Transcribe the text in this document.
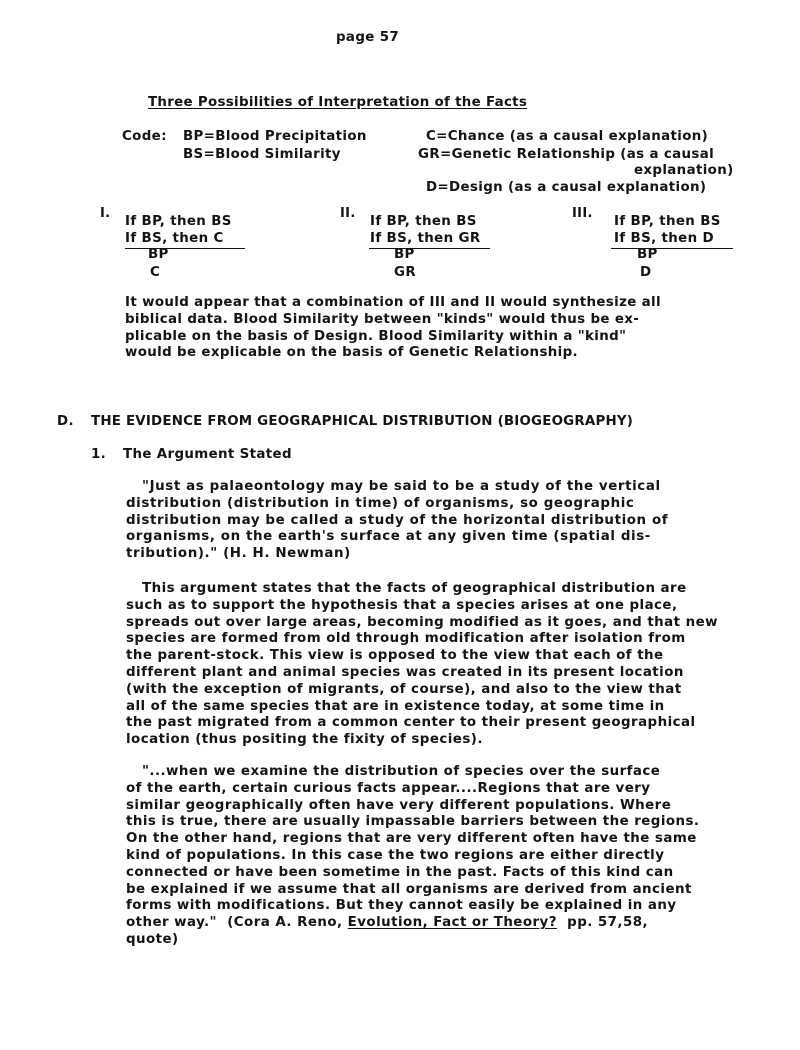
page 57
Three Possibilities of Interpretation of the Facts
Code: BP=Blood Precipitation
BS=Blood Similarity
C=Chance (as a causal explanation)
GR=Genetic Relationship (as a causal
explanation)
D=Design (as a causal explanation)
I.
If BP, then BS
If BS, then C
BP
C
II.
If BP, then BS
If BS, then GR
BP
GR
III.
If BP, then BS
If BS, then D
BP
D
It would appear that a combination of III and II would synthesize all
biblical data. Blood Similarity between "kinds" would thus be ex-
plicable on the basis of Design. Blood Similarity within a "kind"
would be explicable on the basis of Genetic Relationship.
D. THE EVIDENCE FROM GEOGRAPHICAL DISTRIBUTION (BIOGEOGRAPHY)
1. The Argument Stated
"Just as palaeontology may be said to be a study of the vertical
distribution (distribution in time) of organisms, so geographic
distribution may be called a study of the horizontal distribution of
organisms, on the earth's surface at any given time (spatial dis-
tribution)." (H. H. Newman)
This argument states that the facts of geographical distribution are
such as to support the hypothesis that a species arises at one place,
spreads out over large areas, becoming modified as it goes, and that new
species are formed from old through modification after isolation from
the parent-stock. This view is opposed to the view that each of the
different plant and animal species was created in its present location
(with the exception of migrants, of course), and also to the view that
all of the same species that are in existence today, at some time in
the past migrated from a common center to their present geographical
location (thus positing the fixity of species).
"...when we examine the distribution of species over the surface
of the earth, certain curious facts appear....Regions that are very
similar geographically often have very different populations. Where
this is true, there are usually impassable barriers between the regions.
On the other hand, regions that are very different often have the same
kind of populations. In this case the two regions are either directly
connected or have been sometime in the past. Facts of this kind can
be explained if we assume that all organisms are derived from ancient
forms with modifications. But they cannot easily be explained in any
other way."  (Cora A. Reno, Evolution, Fact or Theory?  pp. 57,58,
quote)
